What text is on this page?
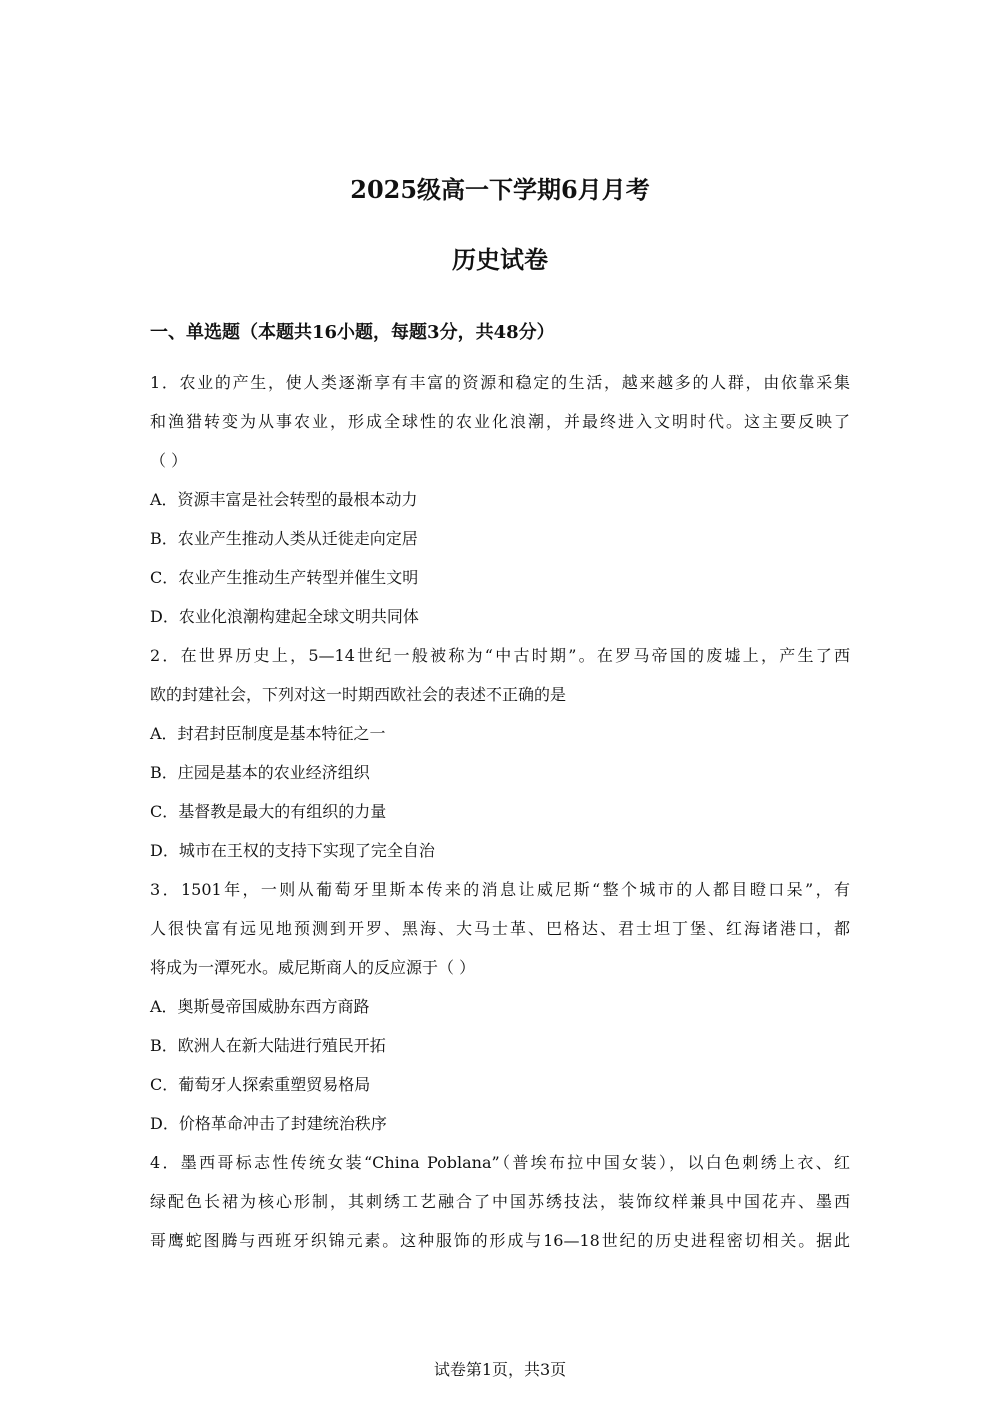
2025级高一下学期6月月考
历史试卷
一、单选题（本题共16小题，每题3分，共48分）
1．农业的产生，使人类逐渐享有丰富的资源和稳定的生活，越来越多的人群，由依靠采集
和渔猎转变为从事农业，形成全球性的农业化浪潮，并最终进入文明时代。这主要反映了
（ ）
A．资源丰富是社会转型的最根本动力
B．农业产生推动人类从迁徙走向定居
C．农业产生推动生产转型并催生文明
D．农业化浪潮构建起全球文明共同体
2．在世界历史上，5—14世纪一般被称为“中古时期”。在罗马帝国的废墟上，产生了西
欧的封建社会，下列对这一时期西欧社会的表述不正确的是
A．封君封臣制度是基本特征之一
B．庄园是基本的农业经济组织
C．基督教是最大的有组织的力量
D．城市在王权的支持下实现了完全自治
3．1501年，一则从葡萄牙里斯本传来的消息让威尼斯“整个城市的人都目瞪口呆”，有
人很快富有远见地预测到开罗、黑海、大马士革、巴格达、君士坦丁堡、红海诸港口，都
将成为一潭死水。威尼斯商人的反应源于（ ）
A．奥斯曼帝国威胁东西方商路
B．欧洲人在新大陆进行殖民开拓
C．葡萄牙人探索重塑贸易格局
D．价格革命冲击了封建统治秩序
4．墨西哥标志性传统女装“China Poblana”（普埃布拉中国女装），以白色刺绣上衣、红
绿配色长裙为核心形制，其刺绣工艺融合了中国苏绣技法，装饰纹样兼具中国花卉、墨西
哥鹰蛇图腾与西班牙织锦元素。这种服饰的形成与16—18世纪的历史进程密切相关。据此
试卷第1页，共3页
